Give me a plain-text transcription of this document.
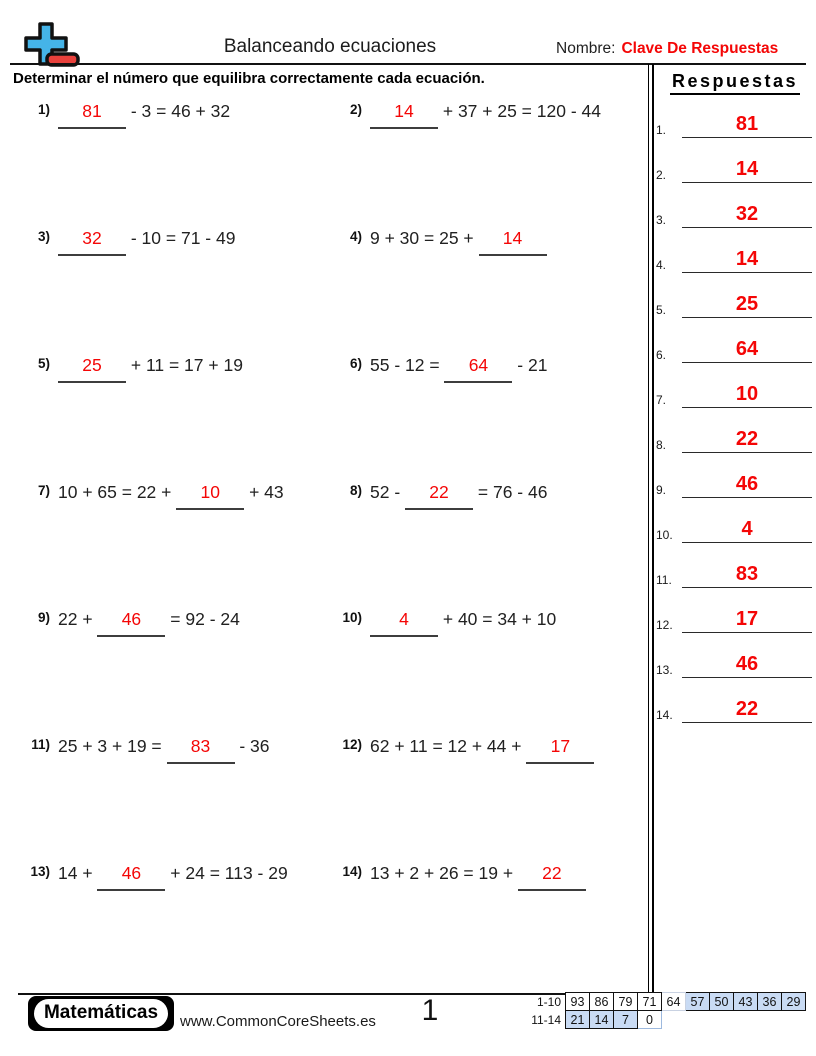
Balanceando ecuaciones	Nombre: Clave De Respuestas
Determinar el número que equilibra correctamente cada ecuación.
1)	81	- 3 = 46 + 32	2)	14	+ 37 + 25 = 120 - 44
3)	32	- 10 = 71 - 49	4) 9 + 30 = 25 +	14
5)	25	+ 11 = 17 + 19	6) 55 - 12 =	64	- 21
7) 10 + 65 = 22 +	10	+ 43	8) 52 -	22	= 76 - 46
9) 22 +	46	= 92 - 24	10)	4	+ 40 = 34 + 10
11) 25 + 3 + 19 =	83	- 36	12) 62 + 11 = 12 + 44 +	17
13) 14 +	46	+ 24 = 113 - 29	14) 13 + 2 + 26 = 19 +	22
Respuestas
1.	81
2.	14
3.	32
4.	14
5.	25
6.	64
7.	10
8.	22
9.	46
10.	4
11.	83
12.	17
13.	46
14.	22
Matemáticas	www.CommonCoreSheets.es	1	1-10	93	86	79	71	64	57	50	43	36	29
11-14	21	14	7	0						
